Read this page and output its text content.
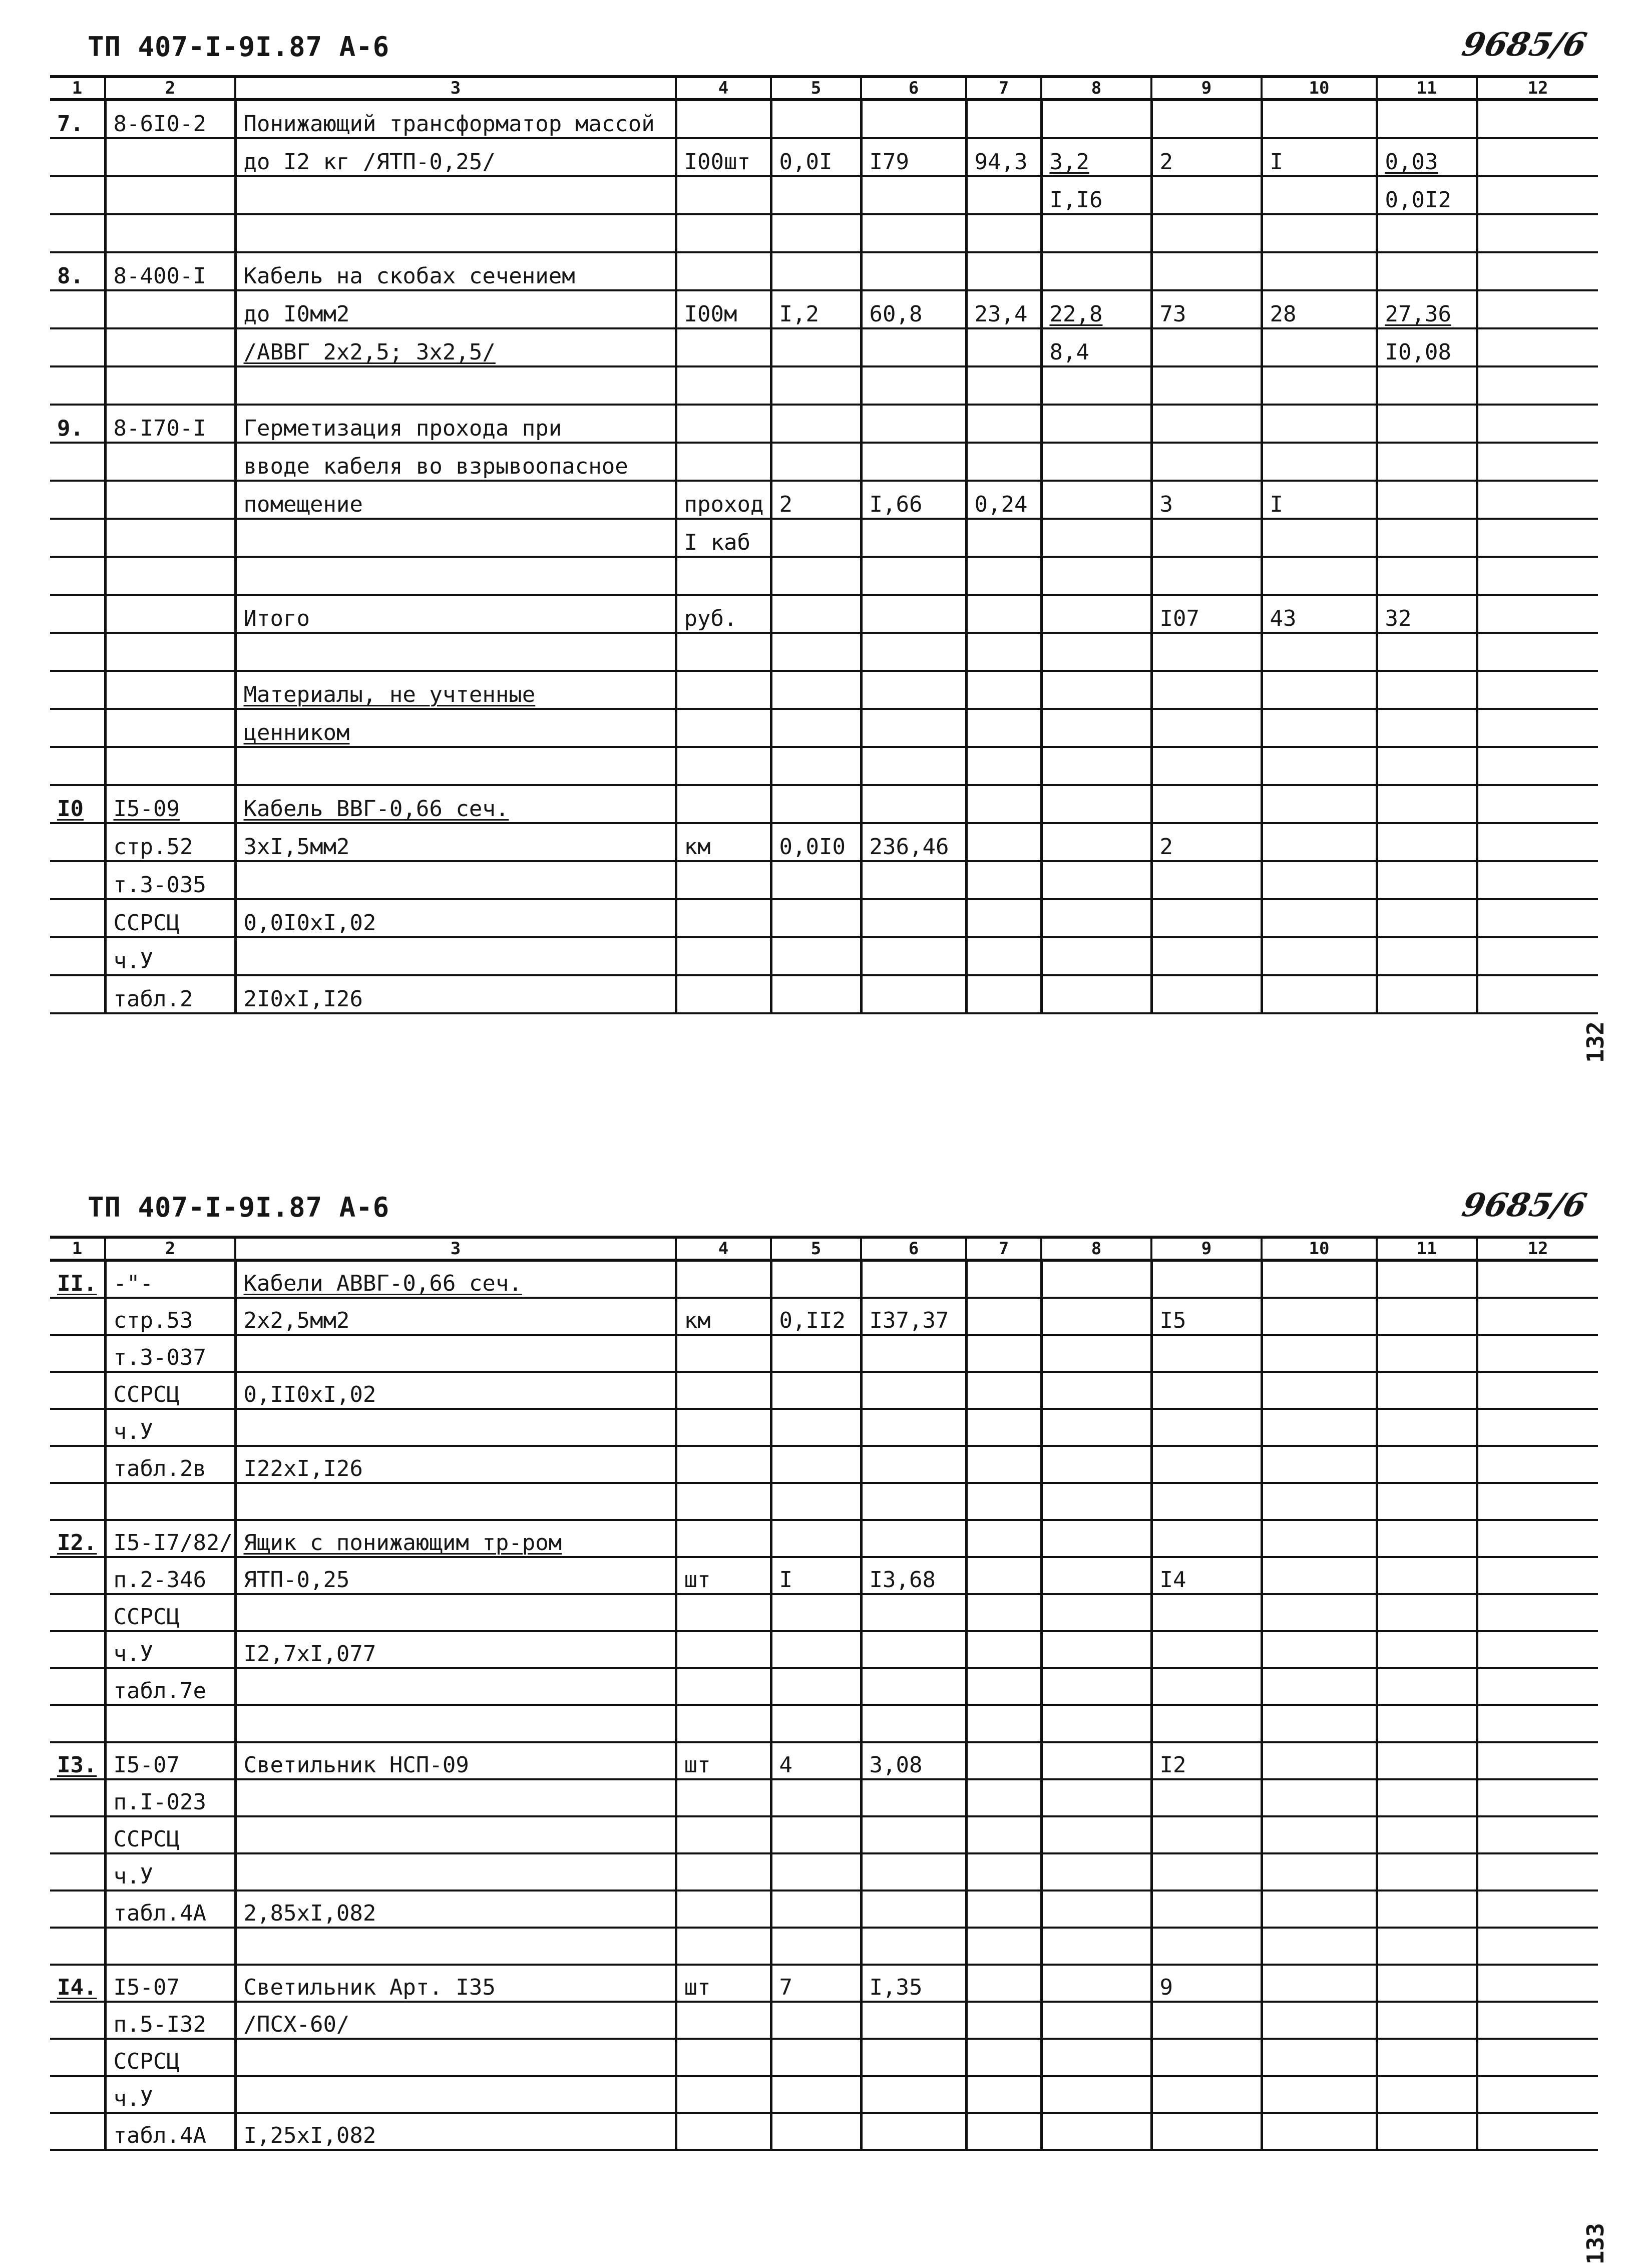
ТП 407-I-9I.87 А-6	9685/6
1	2	3	4	5	6	7	8	9	10	11	12
7.	8-6I0-2	Понижающий трансформатор массой									
		до I2 кг /ЯТП-0,25/	I00шт	0,0I	I79	94,3	3,2	2	I	0,03	
							I,I6			0,0I2	

8.	8-400-I	Кабель на скобах сечением									
		до I0мм2	I00м	I,2	60,8	23,4	22,8	73	28	27,36	
		/АВВГ 2х2,5; 3х2,5/					8,4			I0,08	

9.	8-I70-I	Герметизация прохода при									
		вводе кабеля во взрывоопасное									
		помещение	проход	2	I,66	0,24		3	I		
			I каб								

		Итого	руб.					I07	43	32	

		Материалы, не учтенные									
		ценником									

I0	I5-09	Кабель ВВГ-0,66 сеч.									
	стр.52	3хI,5мм2	км	0,0I0	236,46			2			
	т.3-035										
	ССРСЦ	0,0I0хI,02									
	ч.У										
	табл.2	2I0хI,I26									
132
ТП 407-I-9I.87 А-6	9685/6
1	2	3	4	5	6	7	8	9	10	11	12
II.	-"-	Кабели АВВГ-0,66 сеч.									
	стр.53	2х2,5мм2	км	0,II2	I37,37			I5			
	т.3-037										
	ССРСЦ	0,II0хI,02									
	ч.У										
	табл.2в	I22хI,I26									

I2.	I5-I7/82/	Ящик с понижающим тр-ром									
	п.2-346	ЯТП-0,25	шт	I	I3,68			I4			
	ССРСЦ										
	ч.У	I2,7хI,077									
	табл.7е										

I3.	I5-07	Светильник НСП-09	шт	4	3,08			I2			
	п.I-023										
	ССРСЦ										
	ч.У										
	табл.4А	2,85хI,082									

I4.	I5-07	Светильник Арт. I35	шт	7	I,35			9			
	п.5-I32	/ПСХ-60/									
	ССРСЦ										
	ч.У										
	табл.4А	I,25хI,082									
133
